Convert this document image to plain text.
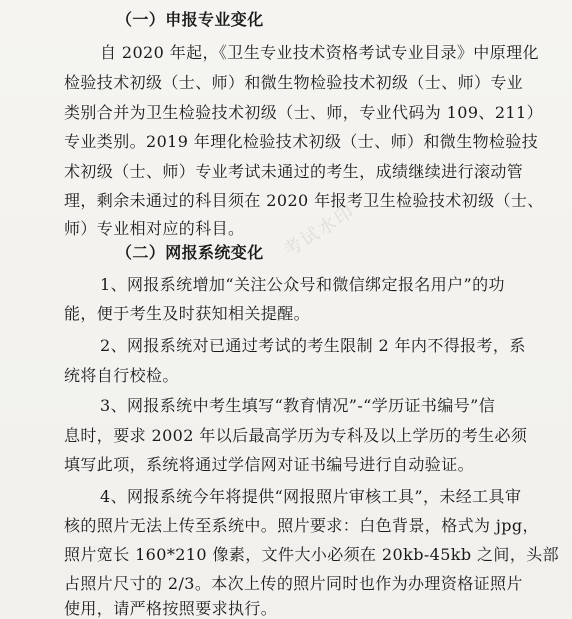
（一）申报专业变化
自 2020 年起，《卫生专业技术资格考试专业目录》中原理化
检验技术初级（士、师）和微生物检验技术初级（士、师）专业
类别合并为卫生检验技术初级（士、师，专业代码为 109、211）
专业类别。2019 年理化检验技术初级（士、师）和微生物检验技
术初级（士、师）专业考试未通过的考生，成绩继续进行滚动管
理，剩余未通过的科目须在 2020 年报考卫生检验技术初级（士、
师）专业相对应的科目。
（二）网报系统变化
1、网报系统增加“关注公众号和微信绑定报名用户”的功
能，便于考生及时获知相关提醒。
2、网报系统对已通过考试的考生限制 2 年内不得报考，系
统将自行校检。
3、网报系统中考生填写“教育情况”-“学历证书编号”信
息时，要求 2002 年以后最高学历为专科及以上学历的考生必须
填写此项，系统将通过学信网对证书编号进行自动验证。
4、网报系统今年将提供“网报照片审核工具”，未经工具审
核的照片无法上传至系统中。照片要求：白色背景，格式为 jpg，
照片宽长 160*210 像素，文件大小必须在 20kb-45kb 之间，头部
占照片尺寸的 2/3。本次上传的照片同时也作为办理资格证照片
使用，请严格按照要求执行。
考试水印
